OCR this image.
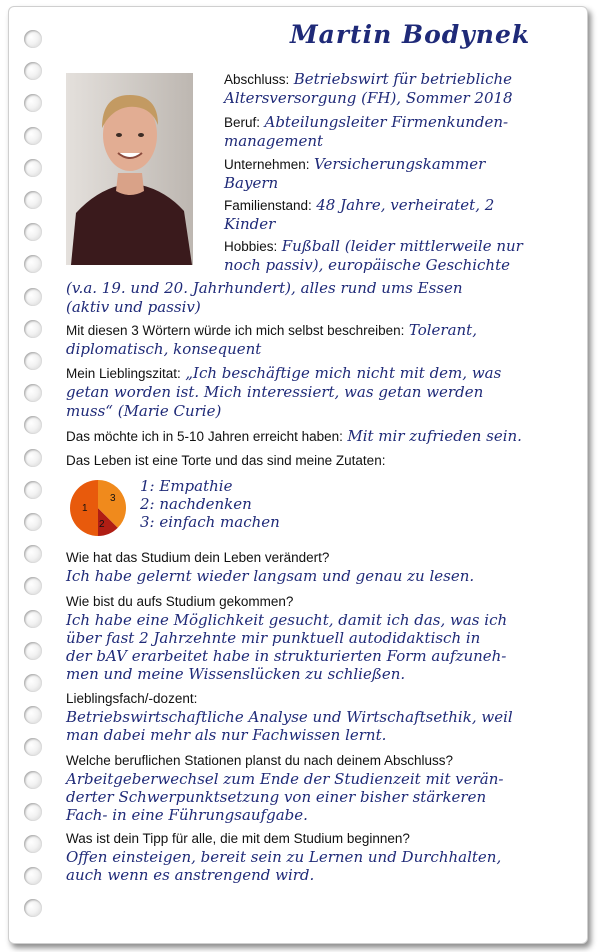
Martin Bodynek
Abschluss: Betriebswirt für betriebliche
Altersversorgung (FH), Sommer 2018
Beruf: Abteilungsleiter Firmenkunden-
management
Unternehmen: Versicherungskammer
Bayern
Familienstand: 48 Jahre, verheiratet, 2
Kinder
Hobbies: Fußball (leider mittlerweile nur
noch passiv), europäische Geschichte
(v.a. 19. und 20. Jahrhundert), alles rund ums Essen
(aktiv und passiv)
Mit diesen 3 Wörtern würde ich mich selbst beschreiben: Tolerant,
diplomatisch, konsequent
Mein Lieblingszitat: „Ich beschäftige mich nicht mit dem, was
getan worden ist. Mich interessiert, was getan werden
muss“ (Marie Curie)
Das möchte ich in 5-10 Jahren erreicht haben: Mit mir zufrieden sein.
Das Leben ist eine Torte und das sind meine Zutaten:
1
2
3
1: Empathie
2: nachdenken
3: einfach machen
Wie hat das Studium dein Leben verändert?
Ich habe gelernt wieder langsam und genau zu lesen.
Wie bist du aufs Studium gekommen?
Ich habe eine Möglichkeit gesucht, damit ich das, was ich
über fast 2 Jahrzehnte mir punktuell autodidaktisch in
der bAV erarbeitet habe in strukturierten Form aufzuneh-
men und meine Wissenslücken zu schließen.
Lieblingsfach/-dozent:
Betriebswirtschaftliche Analyse und Wirtschaftsethik, weil
man dabei mehr als nur Fachwissen lernt.
Welche beruflichen Stationen planst du nach deinem Abschluss?
Arbeitgeberwechsel zum Ende der Studienzeit mit verän-
derter Schwerpunktsetzung von einer bisher stärkeren
Fach- in eine Führungsaufgabe.
Was ist dein Tipp für alle, die mit dem Studium beginnen?
Offen einsteigen, bereit sein zu Lernen und Durchhalten,
auch wenn es anstrengend wird.
